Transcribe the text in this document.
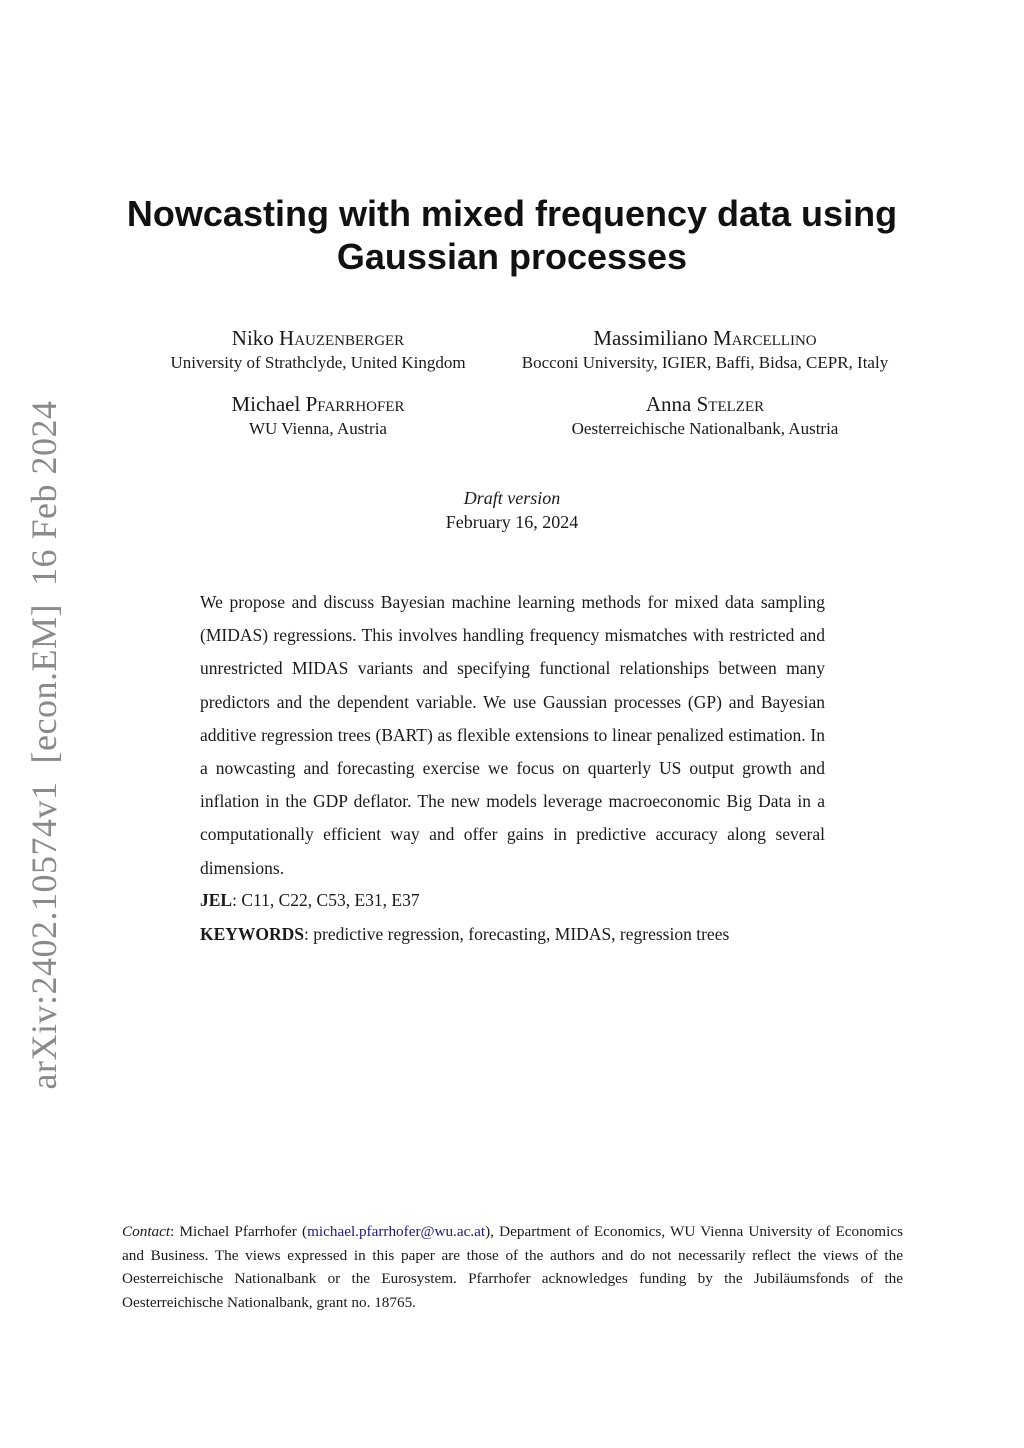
arXiv:2402.10574v1[econ.EM]16 Feb 2024
Nowcasting with mixed frequency data using Gaussian processes
Niko Hauzenberger
University of Strathclyde, United Kingdom
Massimiliano Marcellino
Bocconi University, IGIER, Baffi, Bidsa, CEPR, Italy
Michael Pfarrhofer
WU Vienna, Austria
Anna Stelzer
Oesterreichische Nationalbank, Austria
Draft version
February 16, 2024

We propose and discuss Bayesian machine learning methods for mixed data sampling (MIDAS) regressions. This involves handling frequency mismatches with restricted and unrestricted MIDAS variants and specifying functional relationships between many predictors and the dependent variable. We use Gaussian processes (GP) and Bayesian additive regression trees (BART) as flexible extensions to linear penalized estimation. In a nowcasting and forecasting exercise we focus on quarterly US output growth and inflation in the GDP deflator. The new models leverage macroeconomic Big Data in a computationally efficient way and offer gains in predictive accuracy along several dimensions.

JEL: C11, C22, C53, E31, E37
KEYWORDS: predictive regression, forecasting, MIDAS, regression trees

Contact: Michael Pfarrhofer (michael.pfarrhofer@wu.ac.at), Department of Economics, WU Vienna University of Economics and Business. The views expressed in this paper are those of the authors and do not necessarily reflect the views of the Oesterreichische Nationalbank or the Eurosystem. Pfarrhofer acknowledges funding by the Jubiläumsfonds of the Oesterreichische Nationalbank, grant no. 18765.
